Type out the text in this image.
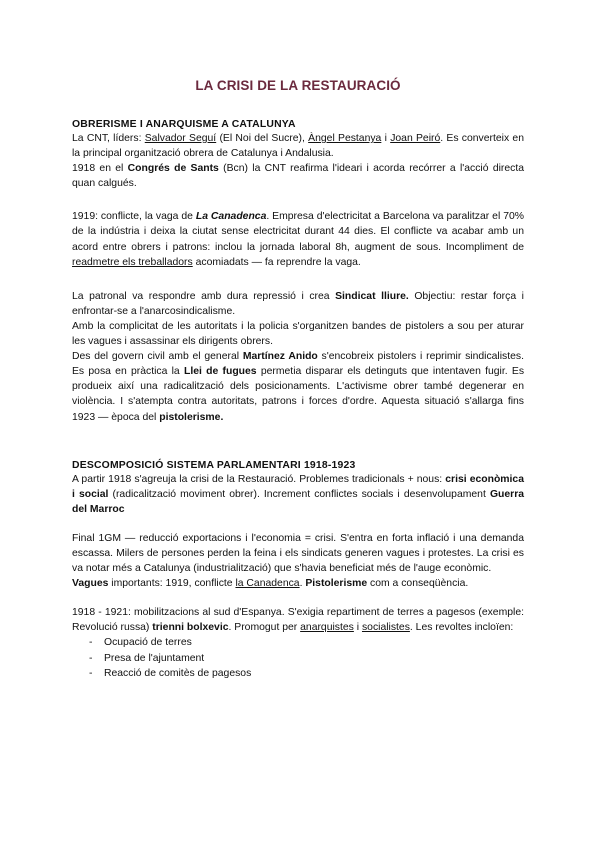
LA CRISI DE LA RESTAURACIÓ
OBRERISME I ANARQUISME A CATALUNYA

La CNT, líders: Salvador Seguí (El Noi del Sucre), Àngel Pestanya i Joan Peiró. Es converteix en la principal organització obrera de Catalunya i Andalusia.

1918 en el Congrés de Sants (Bcn) la CNT reafirma l'ideari i acorda recórrer a l'acció directa quan calgués.

1919: conflicte, la vaga de La Canadenca. Empresa d'electricitat a Barcelona va paralitzar el 70% de la indústria i deixa la ciutat sense electricitat durant 44 dies. El conflicte va acabar amb un acord entre obrers i patrons: inclou la jornada laboral 8h, augment de sous. Incompliment de readmetre els treballadors acomiadats — fa reprendre la vaga.

La patronal va respondre amb dura repressió i crea Sindicat lliure. Objectiu: restar força i enfrontar-se a l'anarcosindicalisme.

Amb la complicitat de les autoritats i la policia s'organitzen bandes de pistolers a sou per aturar les vagues i assassinar els dirigents obrers.

Des del govern civil amb el general Martínez Anido s'encobreix pistolers i reprimir sindicalistes. Es posa en pràctica la Llei de fugues permetia disparar els detinguts que intentaven fugir. Es produeix així una radicalització dels posicionaments. L'activisme obrer també degenerar en violència. I s'atempta contra autoritats, patrons i forces d'ordre. Aquesta situació s'allarga fins 1923 — època del pistolerisme.

DESCOMPOSICIÓ SISTEMA PARLAMENTARI 1918-1923

A partir 1918 s'agreuja la crisi de la Restauració. Problemes tradicionals + nous: crisi econòmica i social (radicalització moviment obrer). Increment conflictes socials i desenvolupament Guerra del Marroc

Final 1GM — reducció exportacions i l'economia = crisi. S'entra en forta inflació i una demanda escassa. Milers de persones perden la feina i els sindicats generen vagues i protestes. La crisi es va notar més a Catalunya (industrialització) que s'havia beneficiat més de l'auge econòmic.

Vagues importants: 1919, conflicte la Canadenca. Pistolerisme com a conseqüència.

1918 - 1921: mobilitzacions al sud d'Espanya. S'exigia repartiment de terres a pagesos (exemple: Revolució russa) trienni bolxevic. Promogut per anarquistes i socialistes. Les revoltes incloïen:

- Ocupació de terres
- Presa de l'ajuntament
- Reacció de comitès de pagesos
